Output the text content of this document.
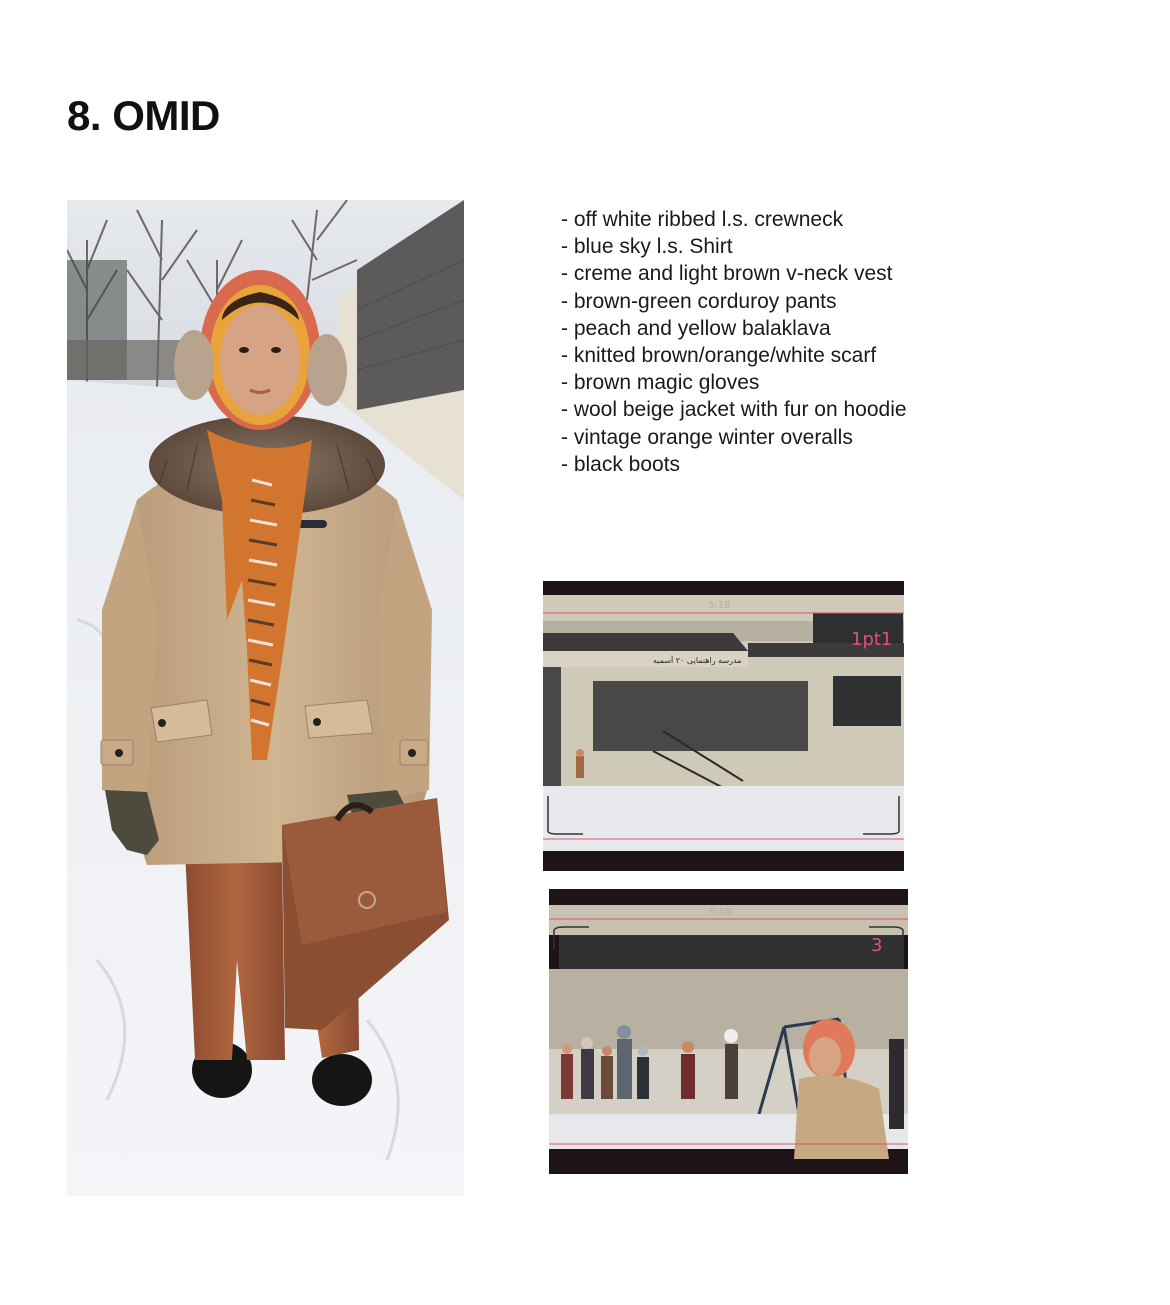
8. OMID
- off white ribbed l.s. crewneck
- blue sky l.s. Shirt
- creme and light brown v-neck vest
- brown-green corduroy pants
- peach and yellow balaklava
- knitted brown/orange/white scarf
- brown magic gloves
- wool beige jacket with fur on hoodie
- vintage orange winter overalls
- black boots
مدرسه راهنمایی ۲۰ آسمیه
5:18
1pt1
5:18
3
